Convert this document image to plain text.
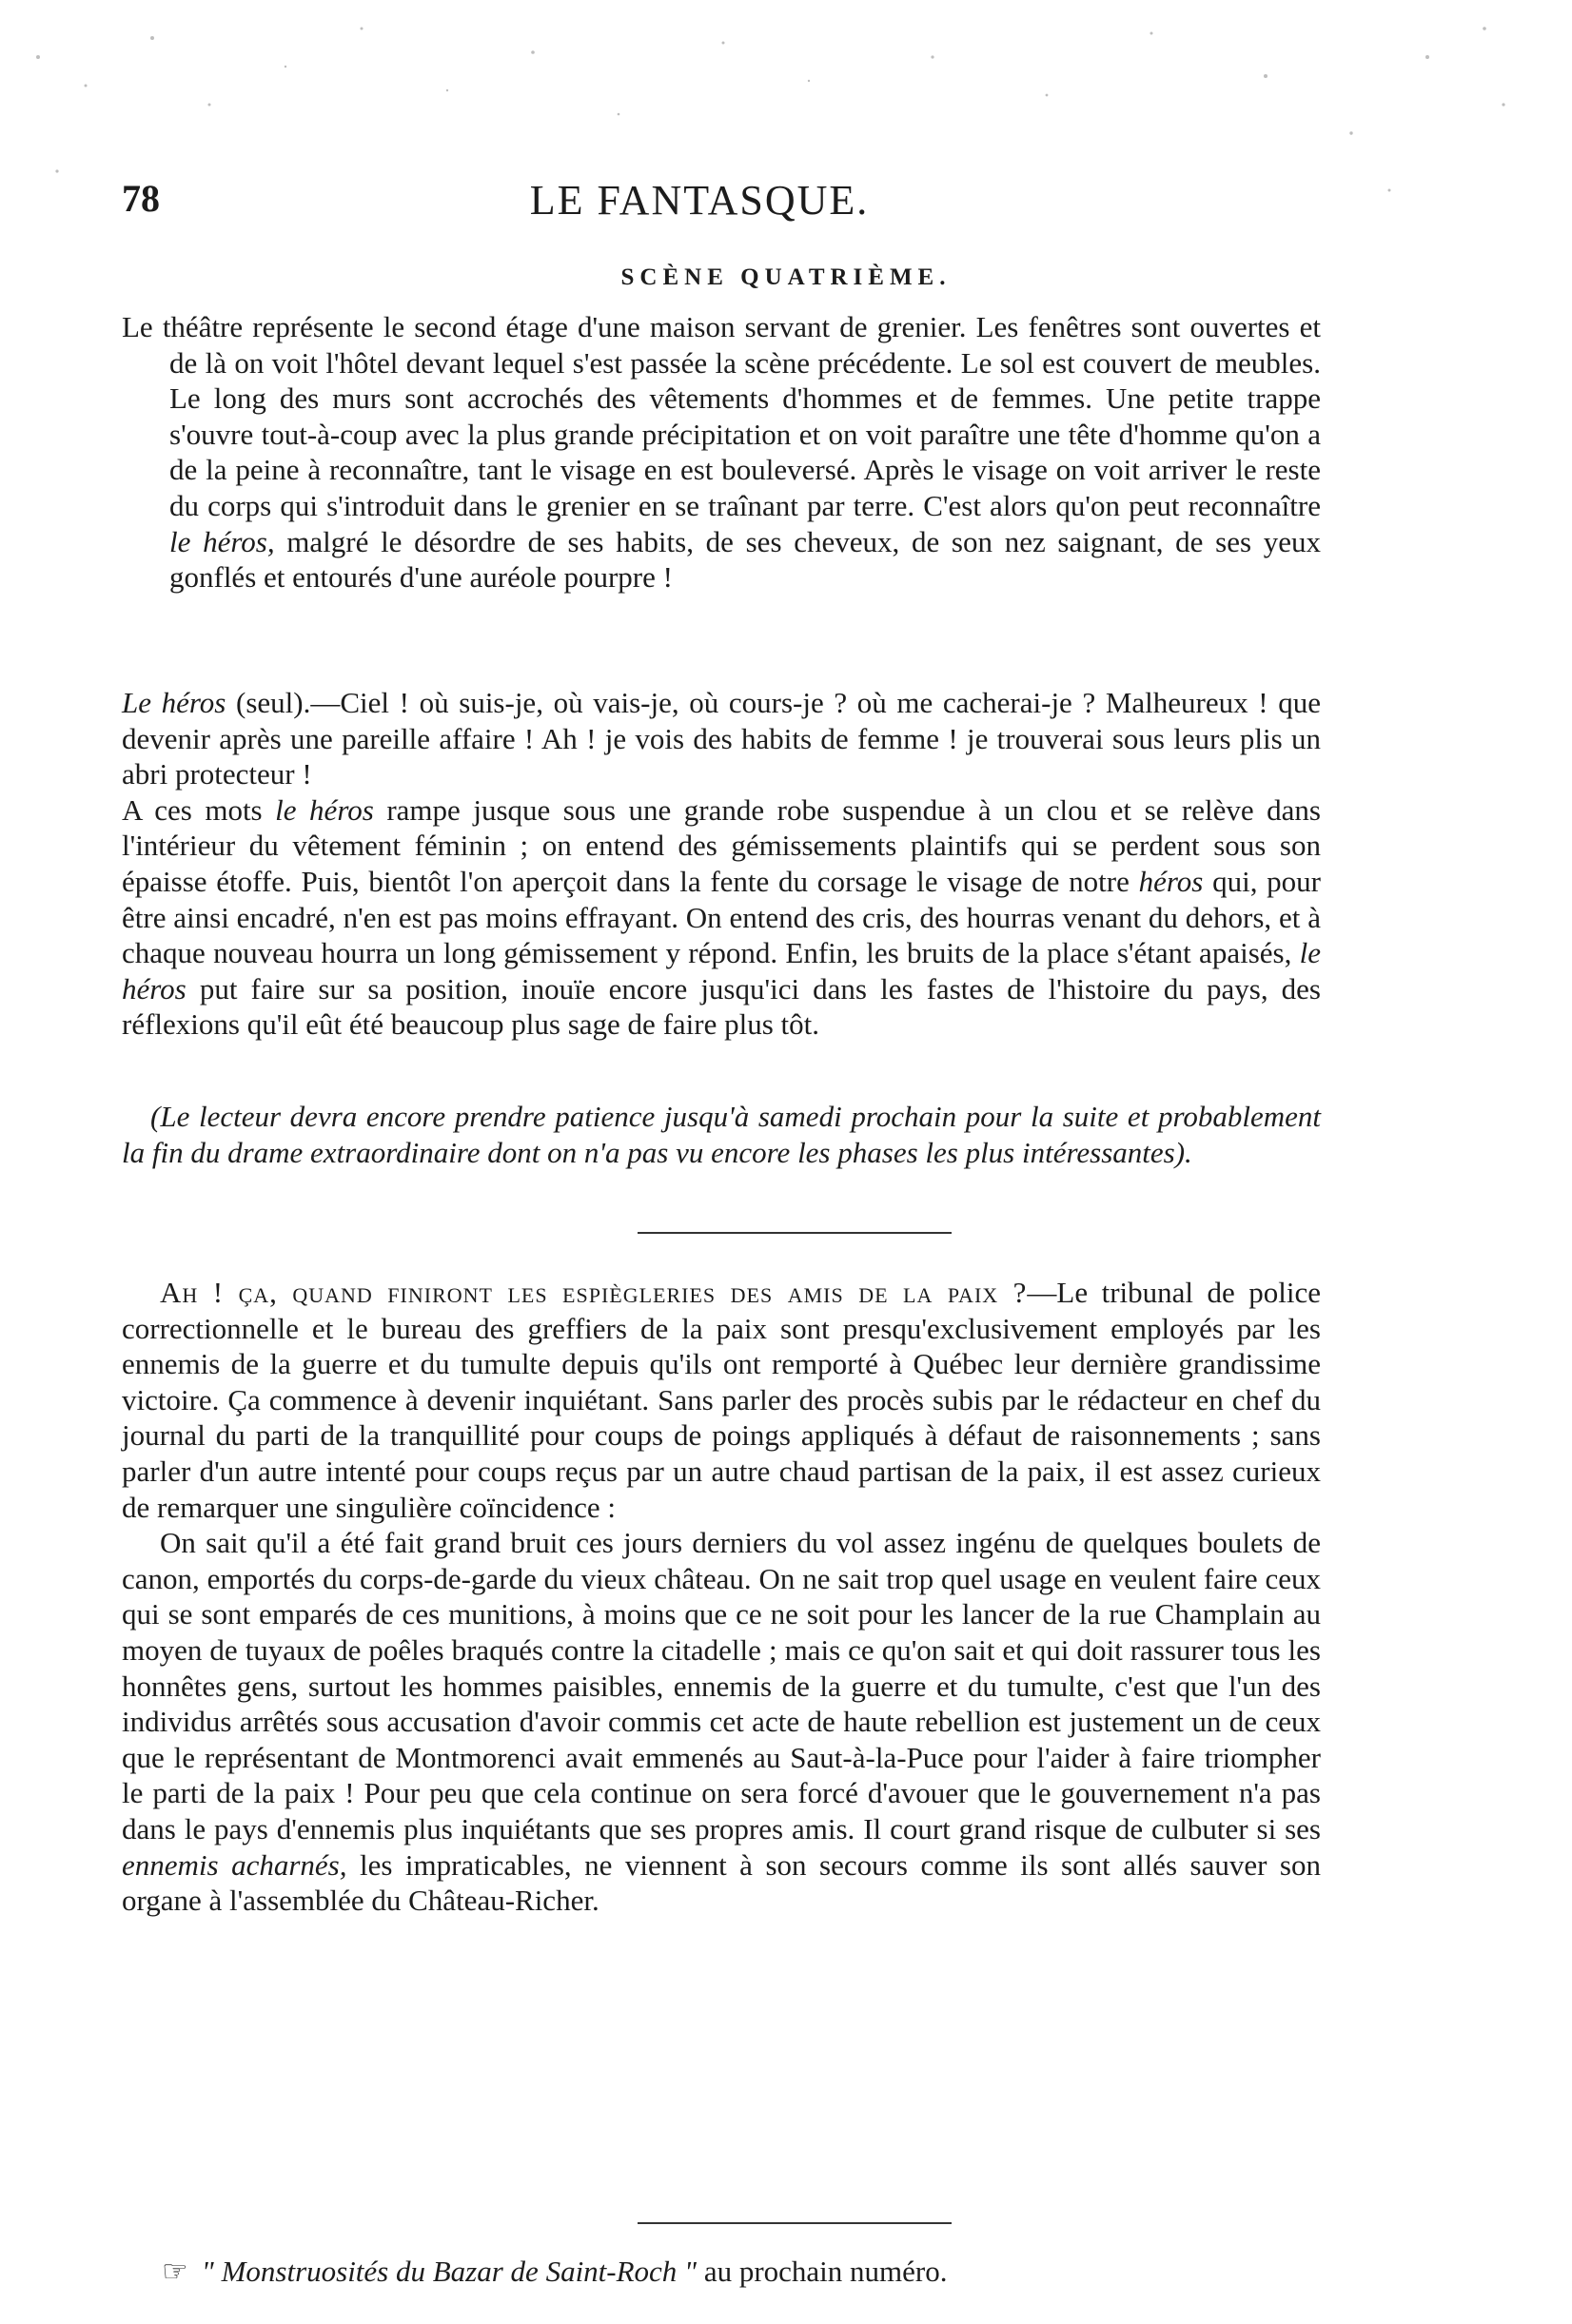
78	LE FANTASQUE.
SCÈNE QUATRIÈME.

Le théâtre représente le second étage d'une maison servant de grenier. Les fenêtres sont ouvertes et de là on voit l'hôtel devant lequel s'est passée la scène précédente. Le sol est couvert de meubles. Le long des murs sont accrochés des vêtements d'hommes et de femmes. Une petite trappe s'ouvre tout-à-coup avec la plus grande précipitation et on voit paraître une tête d'homme qu'on a de la peine à reconnaître, tant le visage en est bouleversé. Après le visage on voit arriver le reste du corps qui s'introduit dans le grenier en se traînant par terre. C'est alors qu'on peut reconnaître le héros, malgré le désordre de ses habits, de ses cheveux, de son nez saignant, de ses yeux gonflés et entourés d'une auréole pourpre !

Le héros (seul).—Ciel ! où suis-je, où vais-je, où cours-je ? où me cacherai-je ? Malheureux ! que devenir après une pareille affaire ! Ah ! je vois des habits de femme ! je trouverai sous leurs plis un abri protecteur !

A ces mots le héros rampe jusque sous une grande robe suspendue à un clou et se relève dans l'intérieur du vêtement féminin ; on entend des gémissements plaintifs qui se perdent sous son épaisse étoffe. Puis, bientôt l'on aperçoit dans la fente du corsage le visage de notre héros qui, pour être ainsi encadré, n'en est pas moins effrayant. On entend des cris, des hourras venant du dehors, et à chaque nouveau hourra un long gémissement y répond. Enfin, les bruits de la place s'étant apaisés, le héros put faire sur sa position, inouïe encore jusqu'ici dans les fastes de l'histoire du pays, des réflexions qu'il eût été beaucoup plus sage de faire plus tôt.

(Le lecteur devra encore prendre patience jusqu'à samedi prochain pour la suite et probablement la fin du drame extraordinaire dont on n'a pas vu encore les phases les plus intéressantes).

Ah ! ça, quand finiront les espiègleries des amis de la paix ?—Le tribunal de police correctionnelle et le bureau des greffiers de la paix sont presqu'exclusivement employés par les ennemis de la guerre et du tumulte depuis qu'ils ont remporté à Québec leur dernière grandissime victoire. Ça commence à devenir inquiétant. Sans parler des procès subis par le rédacteur en chef du journal du parti de la tranquillité pour coups de poings appliqués à défaut de raisonnements ; sans parler d'un autre intenté pour coups reçus par un autre chaud partisan de la paix, il est assez curieux de remarquer une singulière coïncidence :

On sait qu'il a été fait grand bruit ces jours derniers du vol assez ingénu de quelques boulets de canon, emportés du corps-de-garde du vieux château. On ne sait trop quel usage en veulent faire ceux qui se sont emparés de ces munitions, à moins que ce ne soit pour les lancer de la rue Champlain au moyen de tuyaux de poêles braqués contre la citadelle ; mais ce qu'on sait et qui doit rassurer tous les honnêtes gens, surtout les hommes paisibles, ennemis de la guerre et du tumulte, c'est que l'un des individus arrêtés sous accusation d'avoir commis cet acte de haute rebellion est justement un de ceux que le représentant de Montmorenci avait emmenés au Saut-à-la-Puce pour l'aider à faire triompher le parti de la paix ! Pour peu que cela continue on sera forcé d'avouer que le gouvernement n'a pas dans le pays d'ennemis plus inquiétants que ses propres amis. Il court grand risque de culbuter si ses ennemis acharnés, les impraticables, ne viennent à son secours comme ils sont allés sauver son organe à l'assemblée du Château-Richer.

☞ " Monstruosités du Bazar de Saint-Roch " au prochain numéro.
